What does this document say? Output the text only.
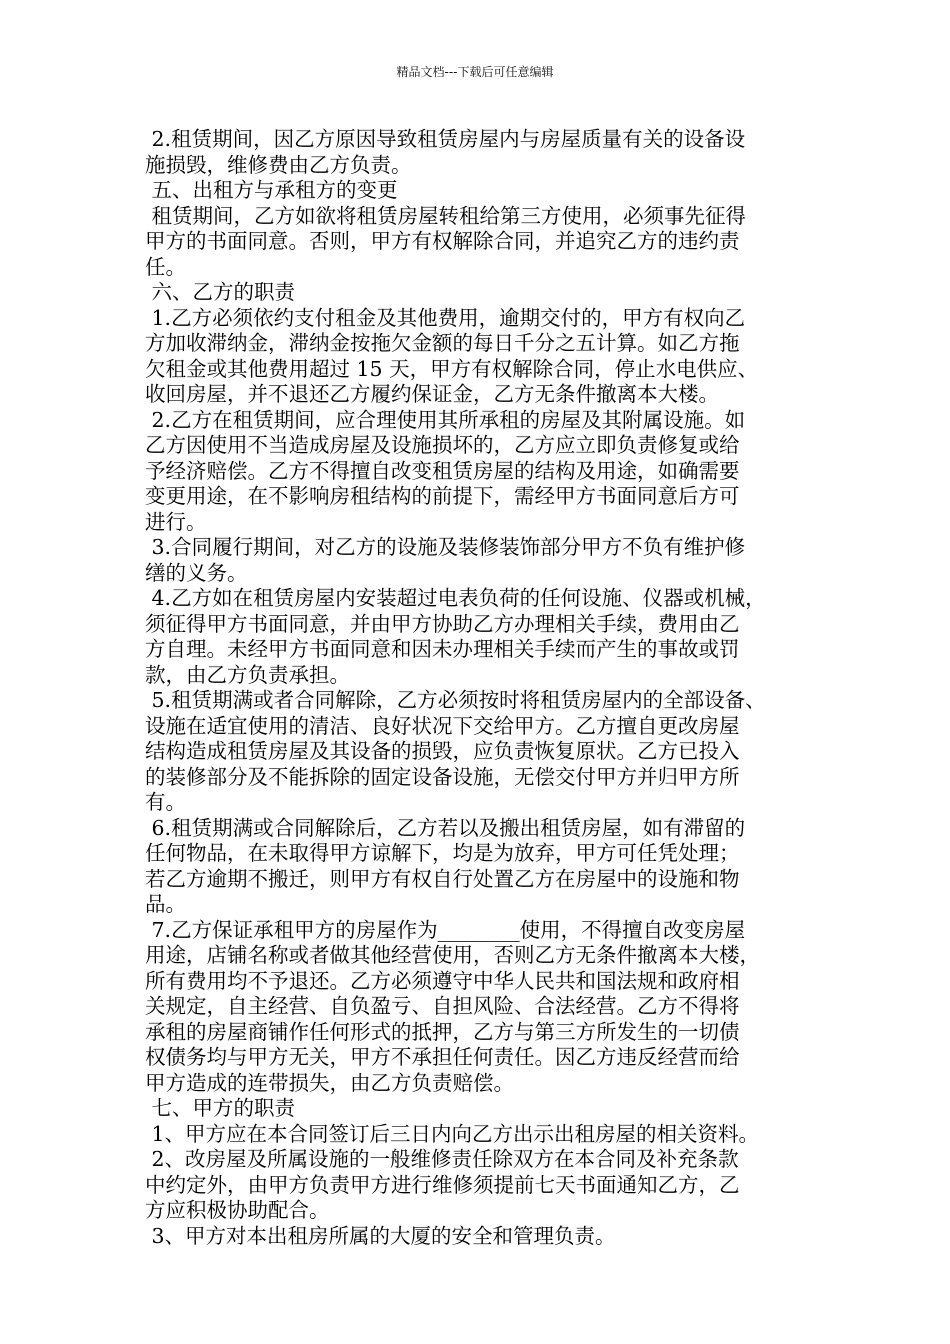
精品文档---下载后可任意编辑
2.租赁期间，因乙方原因导致租赁房屋内与房屋质量有关的设备设
施损毁，维修费由乙方负责。
五、出租方与承租方的变更
租赁期间，乙方如欲将租赁房屋转租给第三方使用，必须事先征得
甲方的书面同意。否则，甲方有权解除合同，并追究乙方的违约责
任。
六、乙方的职责
1.乙方必须依约支付租金及其他费用，逾期交付的，甲方有权向乙
方加收滞纳金，滞纳金按拖欠金额的每日千分之五计算。如乙方拖
欠租金或其他费用超过 15 天，甲方有权解除合同，停止水电供应、
收回房屋，并不退还乙方履约保证金，乙方无条件撤离本大楼。
2.乙方在租赁期间，应合理使用其所承租的房屋及其附属设施。如
乙方因使用不当造成房屋及设施损坏的，乙方应立即负责修复或给
予经济赔偿。乙方不得擅自改变租赁房屋的结构及用途，如确需要
变更用途，在不影响房租结构的前提下，需经甲方书面同意后方可
进行。
3.合同履行期间，对乙方的设施及装修装饰部分甲方不负有维护修
缮的义务。
4.乙方如在租赁房屋内安装超过电表负荷的任何设施、仪器或机械，
须征得甲方书面同意，并由甲方协助乙方办理相关手续，费用由乙
方自理。未经甲方书面同意和因未办理相关手续而产生的事故或罚
款，由乙方负责承担。
5.租赁期满或者合同解除，乙方必须按时将租赁房屋内的全部设备、
设施在适宜使用的清洁、良好状况下交给甲方。乙方擅自更改房屋
结构造成租赁房屋及其设备的损毁，应负责恢复原状。乙方已投入
的装修部分及不能拆除的固定设备设施，无偿交付甲方并归甲方所
有。
6.租赁期满或合同解除后，乙方若以及搬出租赁房屋，如有滞留的
任何物品，在未取得甲方谅解下，均是为放弃，甲方可任凭处理；
若乙方逾期不搬迁，则甲方有权自行处置乙方在房屋中的设施和物
品。
7.乙方保证承租甲方的房屋作为________使用，不得擅自改变房屋
用途，店铺名称或者做其他经营使用，否则乙方无条件撤离本大楼，
所有费用均不予退还。乙方必须遵守中华人民共和国法规和政府相
关规定，自主经营、自负盈亏、自担风险、合法经营。乙方不得将
承租的房屋商铺作任何形式的抵押，乙方与第三方所发生的一切债
权债务均与甲方无关，甲方不承担任何责任。因乙方违反经营而给
甲方造成的连带损失，由乙方负责赔偿。
七、甲方的职责
1、甲方应在本合同签订后三日内向乙方出示出租房屋的相关资料。
2、改房屋及所属设施的一般维修责任除双方在本合同及补充条款
中约定外，由甲方负责甲方进行维修须提前七天书面通知乙方，乙
方应积极协助配合。
3、甲方对本出租房所属的大厦的安全和管理负责。
